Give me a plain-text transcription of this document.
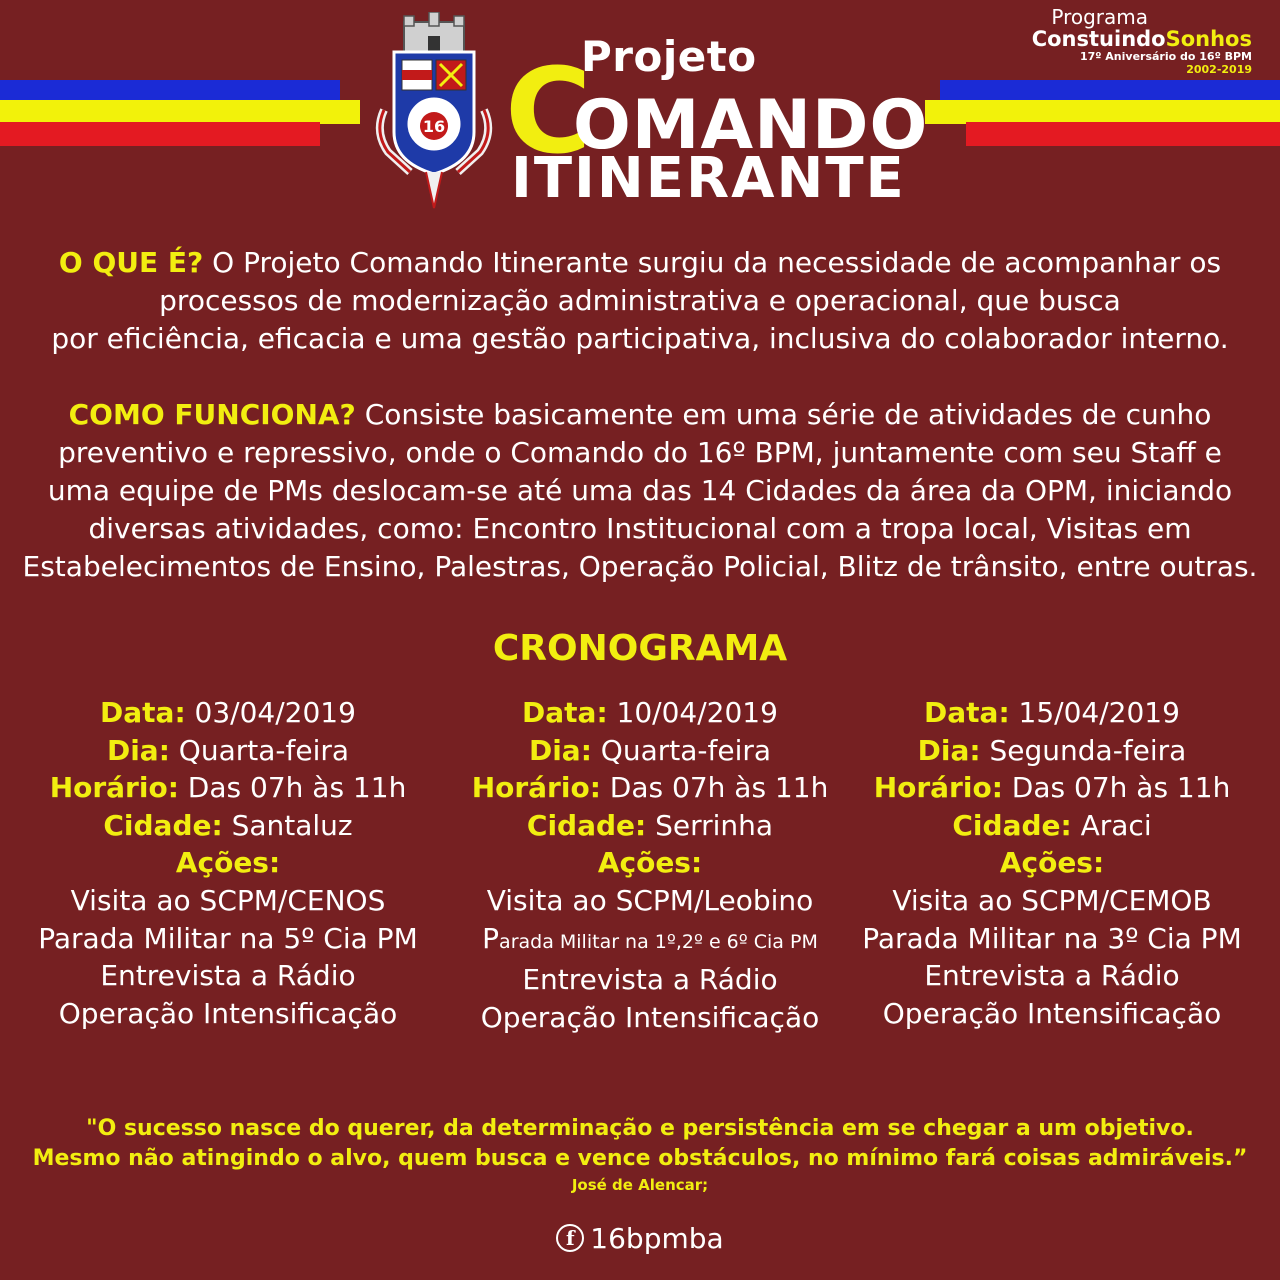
16 C
Projeto
OMANDO
ITINERANTE
Programa
ConstuindoSonhos
17º Aniversário do 16º BPM
2002-2019
O QUE É? O Projeto Comando Itinerante surgiu da necessidade de acompanhar os
processos de modernização administrativa e operacional, que busca
por eficiência, eficacia e uma gestão participativa, inclusiva do colaborador interno.
COMO FUNCIONA? Consiste basicamente em uma série de atividades de cunho
preventivo e repressivo, onde o Comando do 16º BPM, juntamente com seu Staff e
uma equipe de PMs deslocam-se até uma das 14 Cidades da área da OPM, iniciando
diversas atividades, como: Encontro Institucional com a tropa local, Visitas em
Estabelecimentos de Ensino, Palestras, Operação Policial, Blitz de trânsito, entre outras.
CRONOGRAMA
Data: 03/04/2019
Dia: Quarta-feira
Horário: Das 07h às 11h
Cidade: Santaluz
Ações:
Visita ao SCPM/CENOS
Parada Militar na 5º Cia PM
Entrevista a Rádio
Operação Intensificação
Data: 10/04/2019
Dia: Quarta-feira
Horário: Das 07h às 11h
Cidade: Serrinha
Ações:
Visita ao SCPM/Leobino
Parada Militar na 1º,2º e 6º Cia PM
Entrevista a Rádio
Operação Intensificação
Data: 15/04/2019
Dia: Segunda-feira
Horário: Das 07h às 11h
Cidade: Araci
Ações:
Visita ao SCPM/CEMOB
Parada Militar na 3º Cia PM
Entrevista a Rádio
Operação Intensificação
"O sucesso nasce do querer, da determinação e persistência em se chegar a um objetivo.
Mesmo não atingindo o alvo, quem busca e vence obstáculos, no mínimo fará coisas admiráveis.”
José de Alencar;
f 16bpmba
